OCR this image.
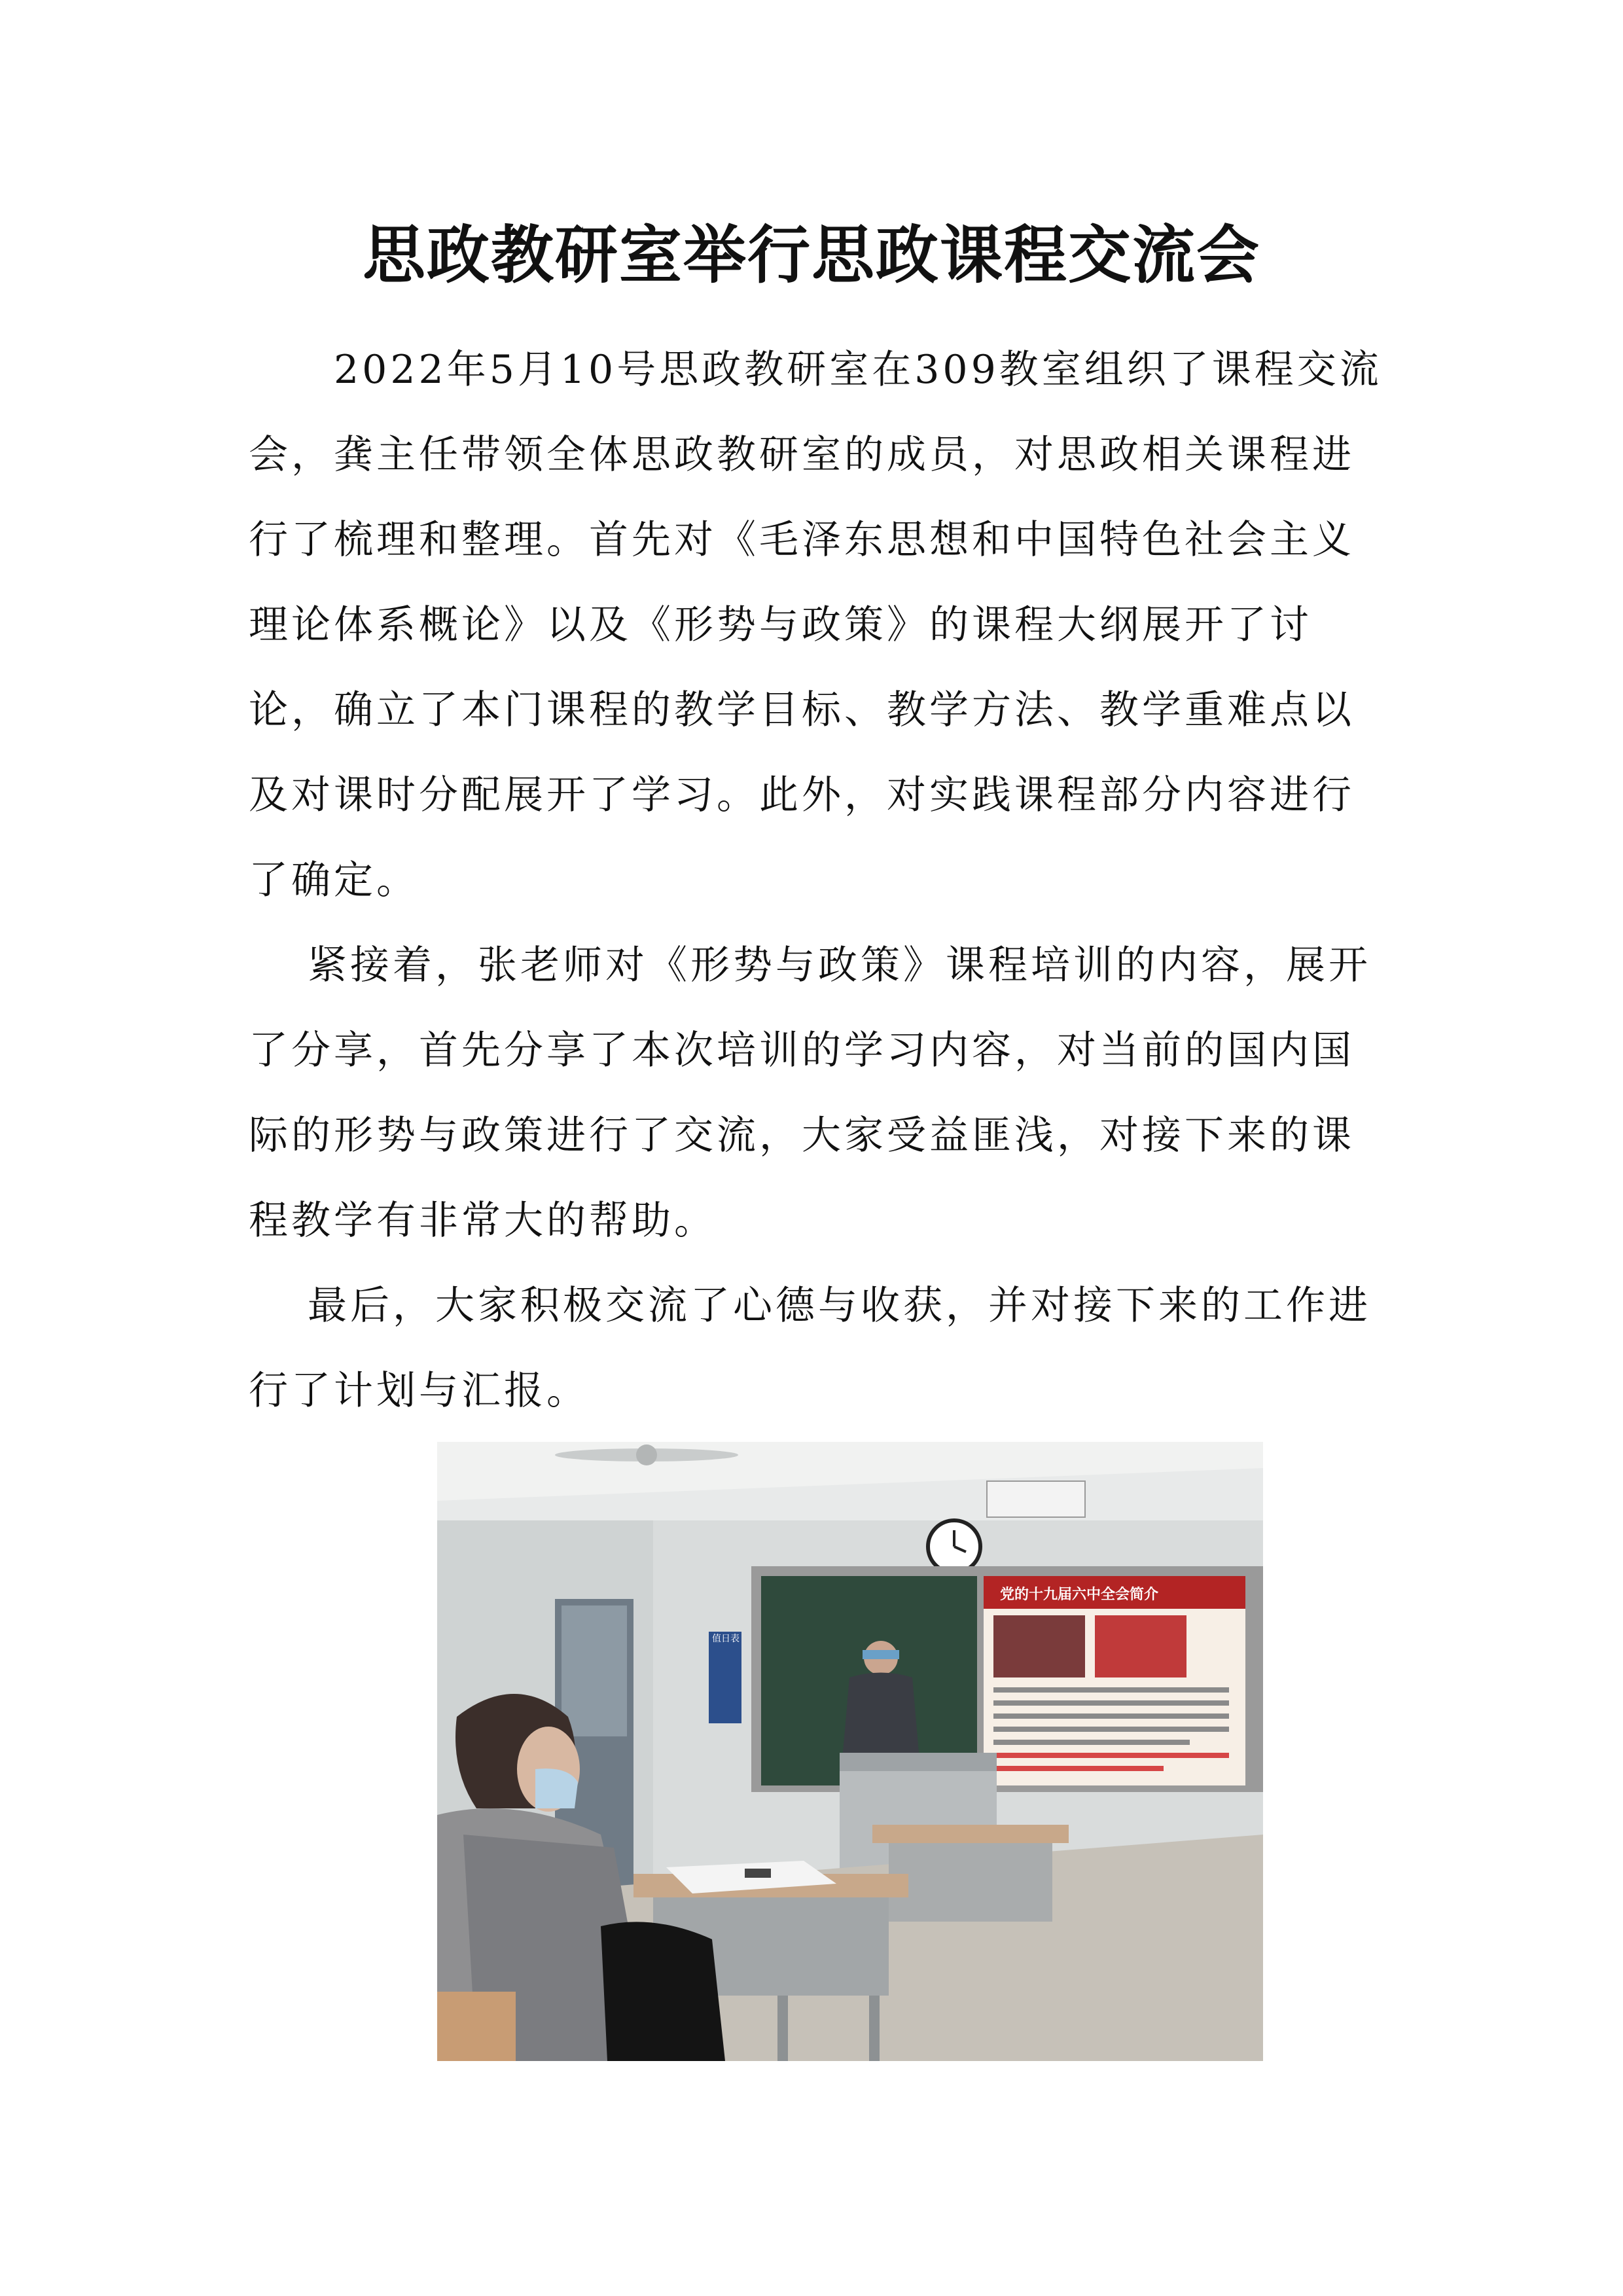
思政教研室举行思政课程交流会

2022年5月10号思政教研室在309教室组织了课程交流会，龚主任带领全体思政教研室的成员，对思政相关课程进行了梳理和整理。首先对《毛泽东思想和中国特色社会主义理论体系概论》以及《形势与政策》的课程大纲展开了讨论，确立了本门课程的教学目标、教学方法、教学重难点以及对课时分配展开了学习。此外，对实践课程部分内容进行了确定。

紧接着，张老师对《形势与政策》课程培训的内容，展开了分享，首先分享了本次培训的学习内容，对当前的国内国际的形势与政策进行了交流，大家受益匪浅，对接下来的课程教学有非常大的帮助。

最后，大家积极交流了心德与收获，并对接下来的工作进行了计划与汇报。

值日表
党的十九届六中全会简介
